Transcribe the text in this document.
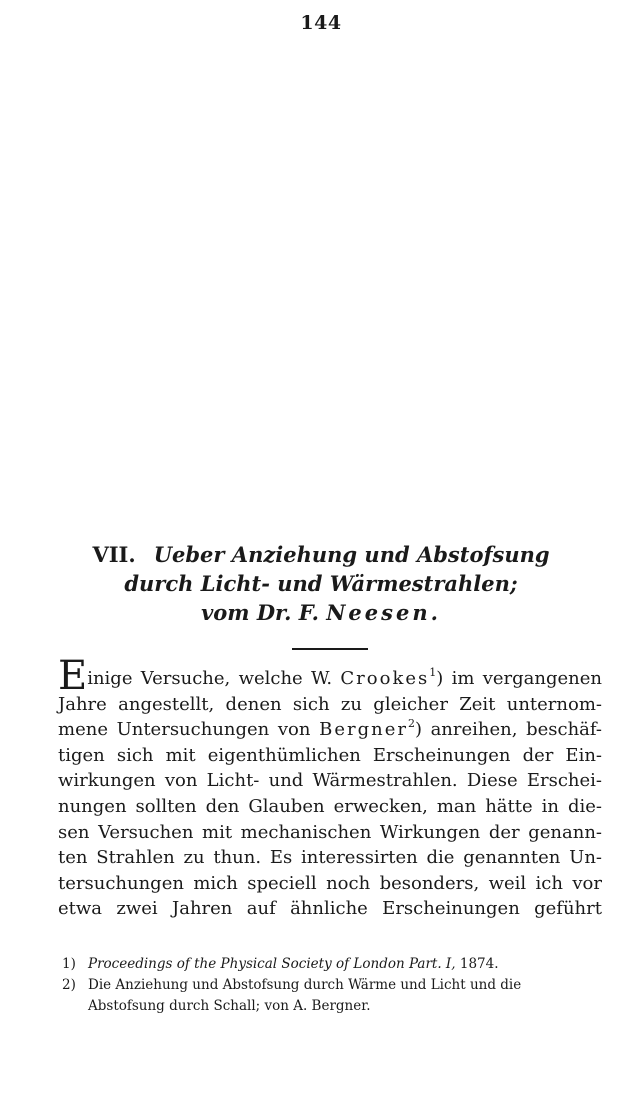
144
VII. Ueber Anziehung und Abstofsung
durch Licht- und Wärmestrahlen;
vom Dr. F. Neesen.
Einige Versuche, welche W. Crookes$^1$) im vergangenen
Jahre angestellt, denen sich zu gleicher Zeit unternom-
mene Untersuchungen von Bergner$^2$) anreihen, beschäf-
tigen sich mit eigenthümlichen Erscheinungen der Ein-
wirkungen von Licht- und Wärmestrahlen. Diese Erschei-
nungen sollten den Glauben erwecken, man hätte in die-
sen Versuchen mit mechanischen Wirkungen der genann-
ten Strahlen zu thun. Es interessirten die genannten Un-
tersuchungen mich speciell noch besonders, weil ich vor
etwa zwei Jahren auf ähnliche Erscheinungen geführt
1) Proceedings of the Physical Society of London Part. I, 1874.
2) Die Anziehung und Abstofsung durch Wärme und Licht und die
Abstofsung durch Schall; von A. Bergner.
